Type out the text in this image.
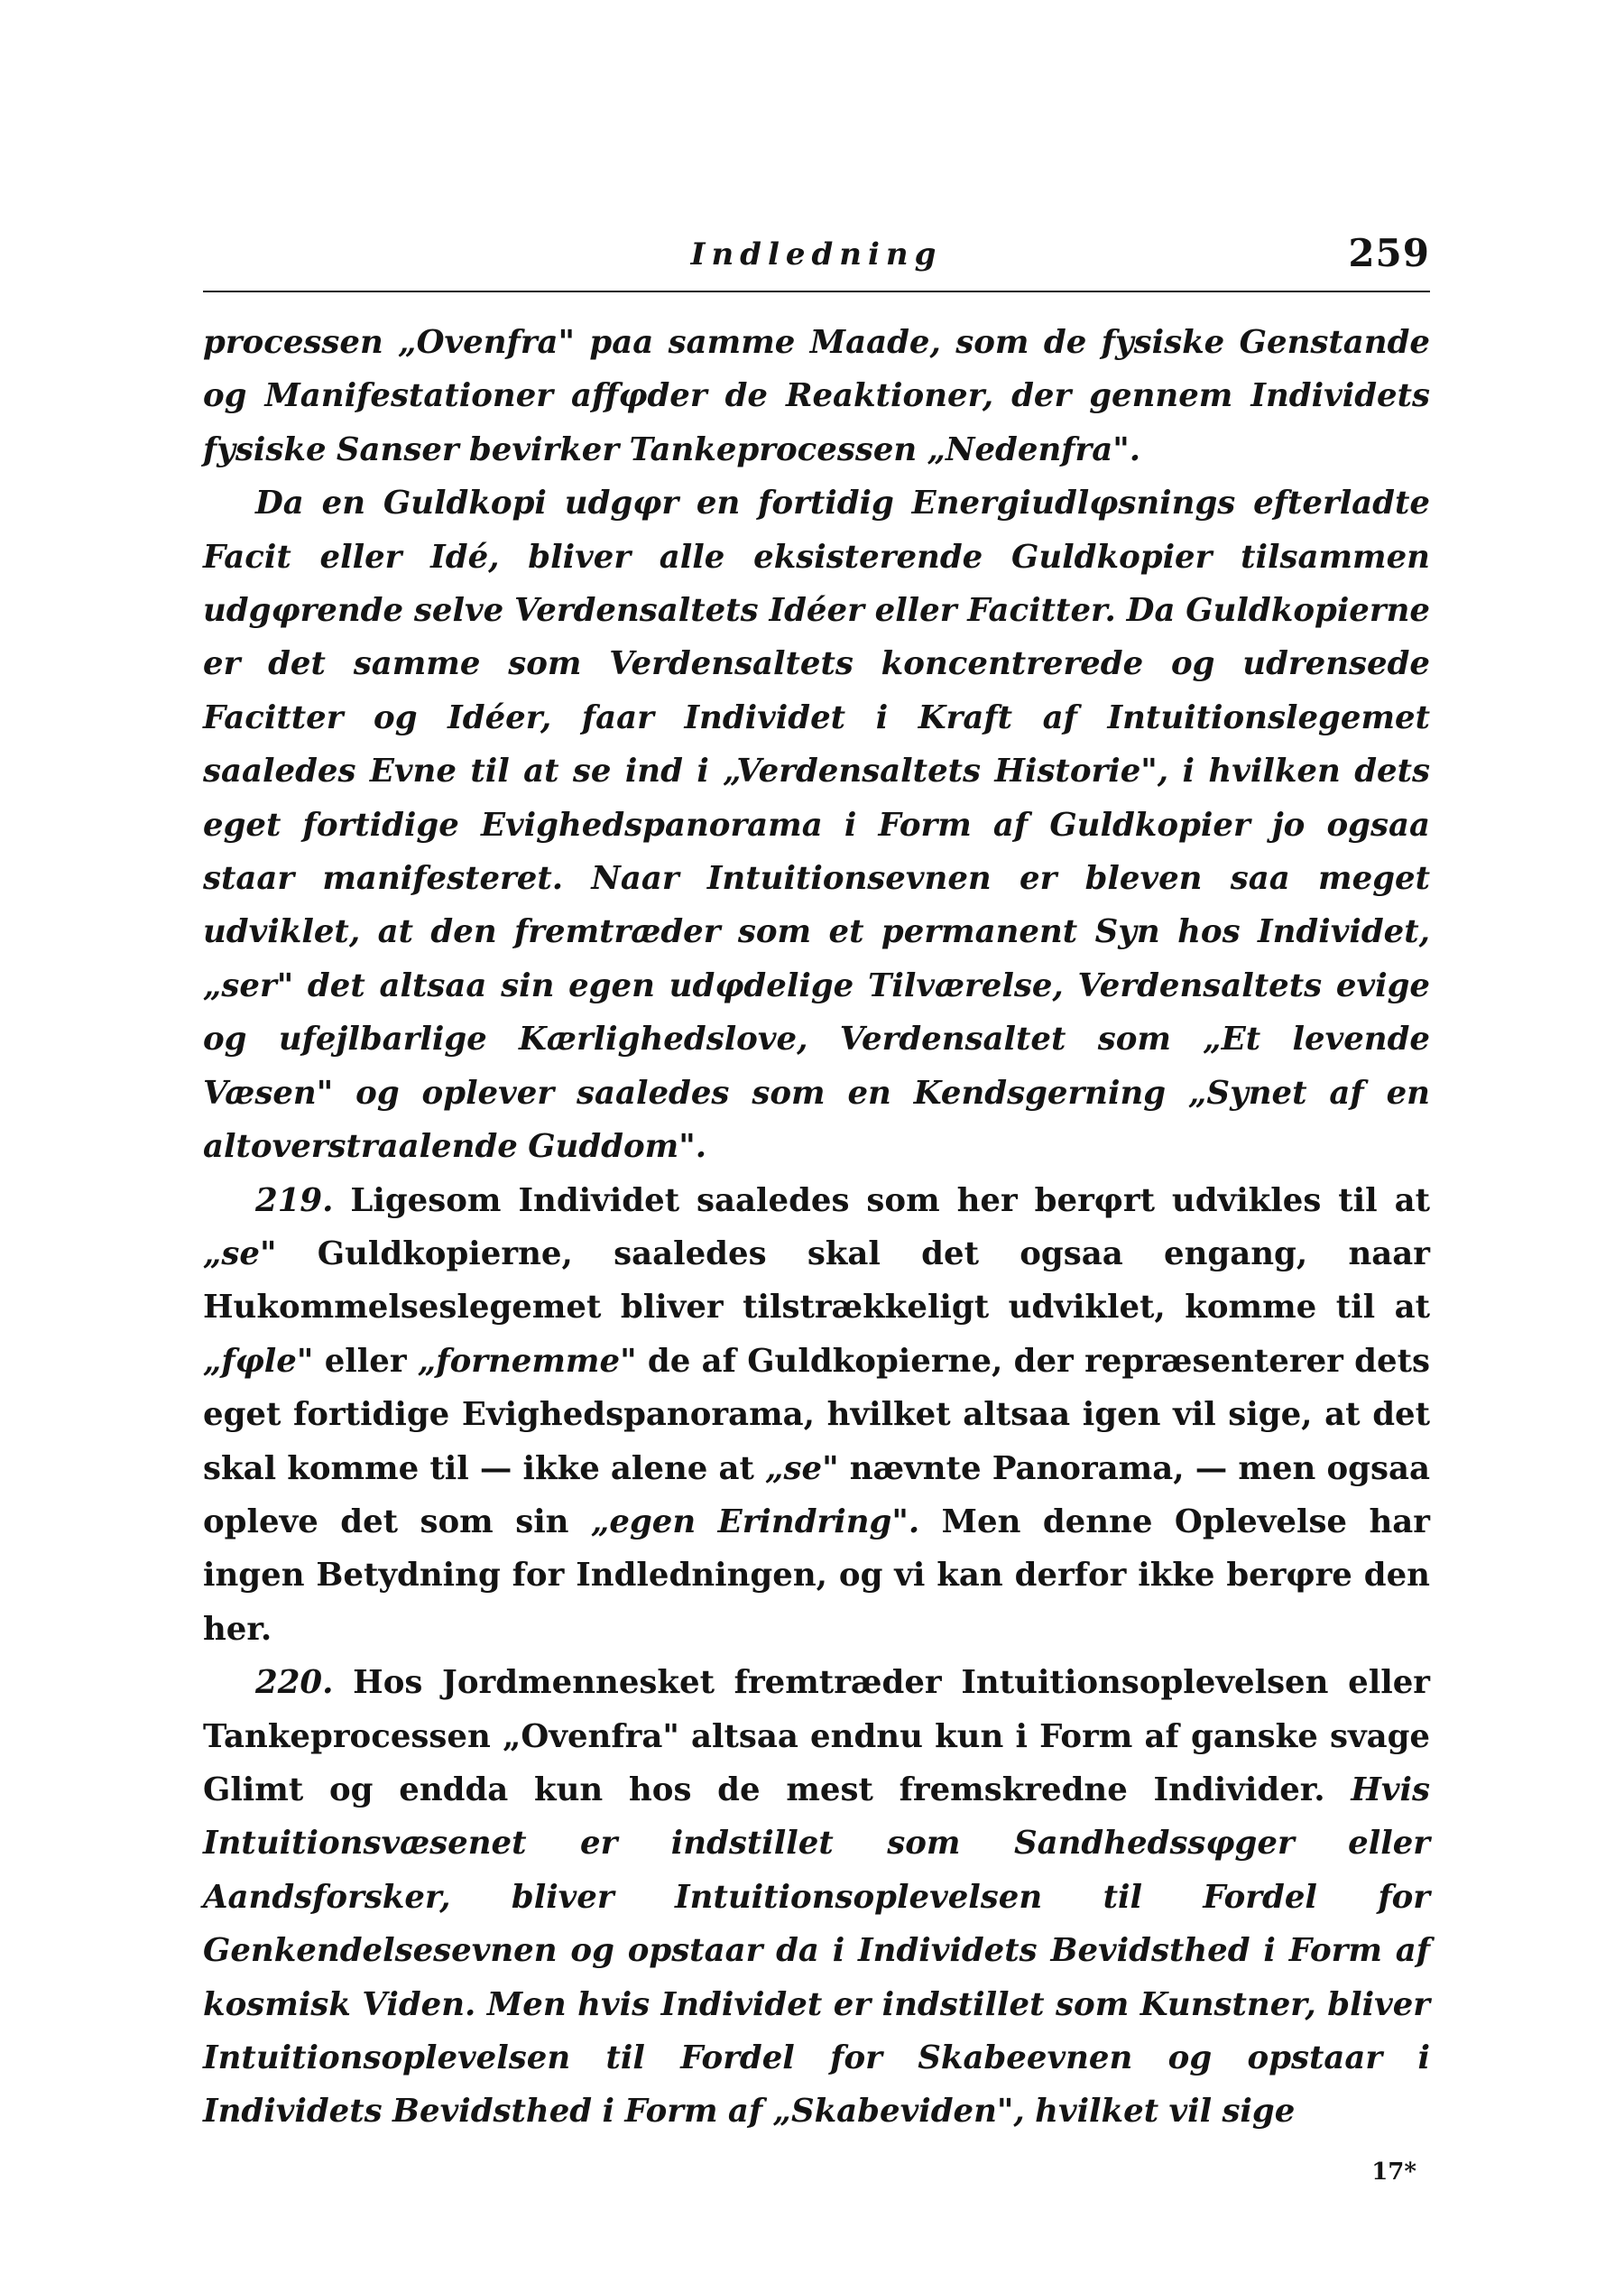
Indledning	259

processen „Ovenfra" paa samme Maade, som de fysiske Genstande og Manifestationer affφder de Reaktioner, der gennem Individets fysiske Sanser bevirker Tankeprocessen „Nedenfra".

Da en Guldkopi udgφr en fortidig Energiudlφsnings efterladte Facit eller Idé, bliver alle eksisterende Guldkopier tilsammen udgφrende selve Verdensaltets Idéer eller Facitter. Da Guldkopierne er det samme som Verdensaltets koncentrerede og udrensede Facitter og Idéer, faar Individet i Kraft af Intuitionslegemet saaledes Evne til at se ind i „Verdensaltets Historie", i hvilken dets eget fortidige Evighedspanorama i Form af Guldkopier jo ogsaa staar manifesteret. Naar Intuitionsevnen er bleven saa meget udviklet, at den fremtræder som et permanent Syn hos Individet, „ser" det altsaa sin egen udφdelige Tilværelse, Verdensaltets evige og ufejlbarlige Kærlighedslove, Verdensaltet som „Et levende Væsen" og oplever saaledes som en Kendsgerning „Synet af en altoverstraalende Guddom".

219. Ligesom Individet saaledes som her berφrt udvikles til at „se" Guldkopierne, saaledes skal det ogsaa engang, naar Hukommelseslegemet bliver tilstrækkeligt udviklet, komme til at „fφle" eller „fornemme" de af Guldkopierne, der repræsenterer dets eget fortidige Evighedspanorama, hvilket altsaa igen vil sige, at det skal komme til — ikke alene at „se" nævnte Panorama, — men ogsaa opleve det som sin „egen Erindring". Men denne Oplevelse har ingen Betydning for Indledningen, og vi kan derfor ikke berφre den her.

220. Hos Jordmennesket fremtræder Intuitionsoplevelsen eller Tankeprocessen „Ovenfra" altsaa endnu kun i Form af ganske svage Glimt og endda kun hos de mest fremskredne Individer. Hvis Intuitionsvæsenet er indstillet som Sandhedssφger eller Aandsforsker, bliver Intuitionsoplevelsen til Fordel for Genkendelsesevnen og opstaar da i Individets Bevidsthed i Form af kosmisk Viden. Men hvis Individet er indstillet som Kunstner, bliver Intuitionsoplevelsen til Fordel for Skabeevnen og opstaar i Individets Bevidsthed i Form af „Skabeviden", hvilket vil sige

17*
